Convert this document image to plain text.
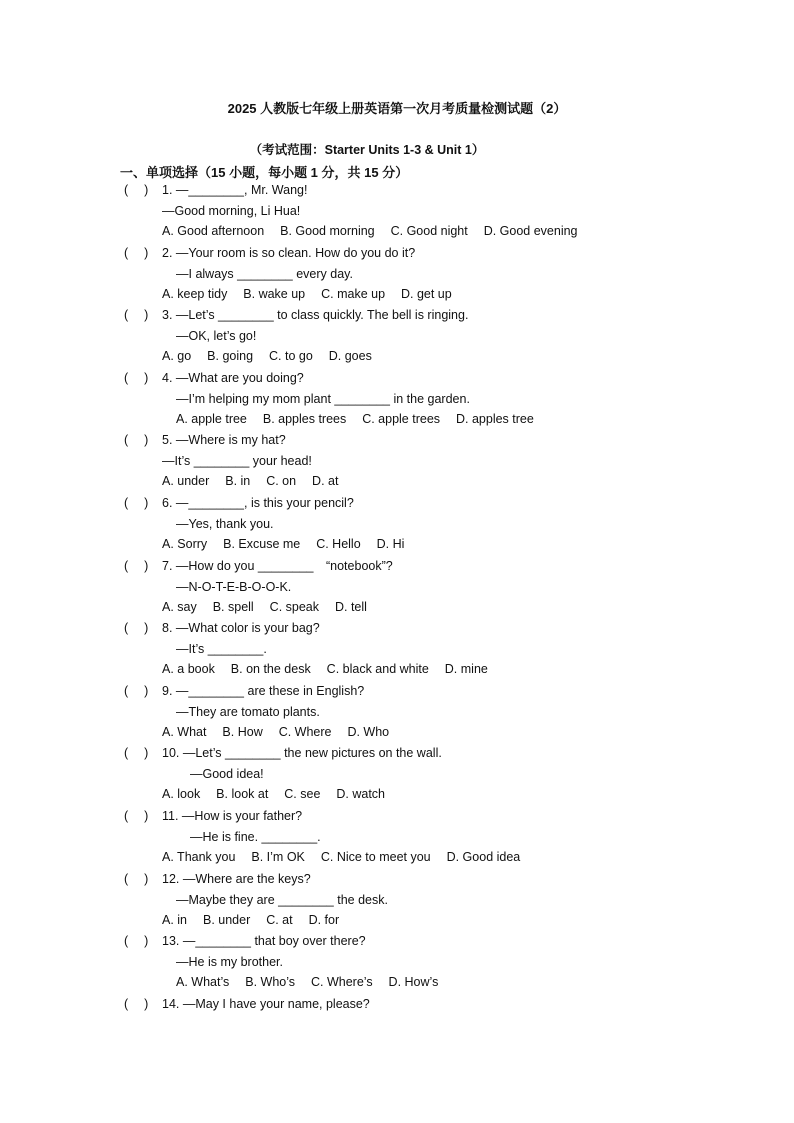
2025 人教版七年级上册英语第一次月考质量检测试题（2）
（考试范围：Starter Units 1-3 & Unit 1）
一、单项选择（15 小题，每小题 1 分，共 15 分）
(　 ) 1. —________, Mr. Wang!
—Good morning, Li Hua!
A. Good afternoon　 B. Good morning　 C. Good night　 D. Good evening
(　 ) 2. —Your room is so clean. How do you do it?
—I always ________ every day.
A. keep tidy　 B. wake up　 C. make up　 D. get up
(　 ) 3. —Let’s ________ to class quickly. The bell is ringing.
—OK, let’s go!
A. go　 B. going　 C. to go　 D. goes
(　 ) 4. —What are you doing?
—I’m helping my mom plant ________ in the garden.
A. apple tree　 B. apples trees　 C. apple trees　 D. apples tree
(　 ) 5. —Where is my hat?
—It’s ________ your head!
A. under　 B. in　 C. on　 D. at
(　 ) 6. —________, is this your pencil?
—Yes, thank you.
A. Sorry　 B. Excuse me　 C. Hello　 D. Hi
(　 ) 7. —How do you ________　“notebook”?
—N-O-T-E-B-O-O-K.
A. say　 B. spell　 C. speak　 D. tell
(　 ) 8. —What color is your bag?
—It’s ________.
A. a book　 B. on the desk　 C. black and white　 D. mine
(　 ) 9. —________ are these in English?
—They are tomato plants.
A. What　 B. How　 C. Where　 D. Who
(　 ) 10. —Let’s ________ the new pictures on the wall.
—Good idea!
A. look　 B. look at　 C. see　 D. watch
(　 ) 11. —How is your father?
—He is fine. ________.
A. Thank you　 B. I’m OK　 C. Nice to meet you　 D. Good idea
(　 ) 12. —Where are the keys?
—Maybe they are ________ the desk.
A. in　 B. under　 C. at　 D. for
(　 ) 13. —________ that boy over there?
—He is my brother.
A. What’s　 B. Who’s　 C. Where’s　 D. How’s
(　 ) 14. —May I have your name, please?
